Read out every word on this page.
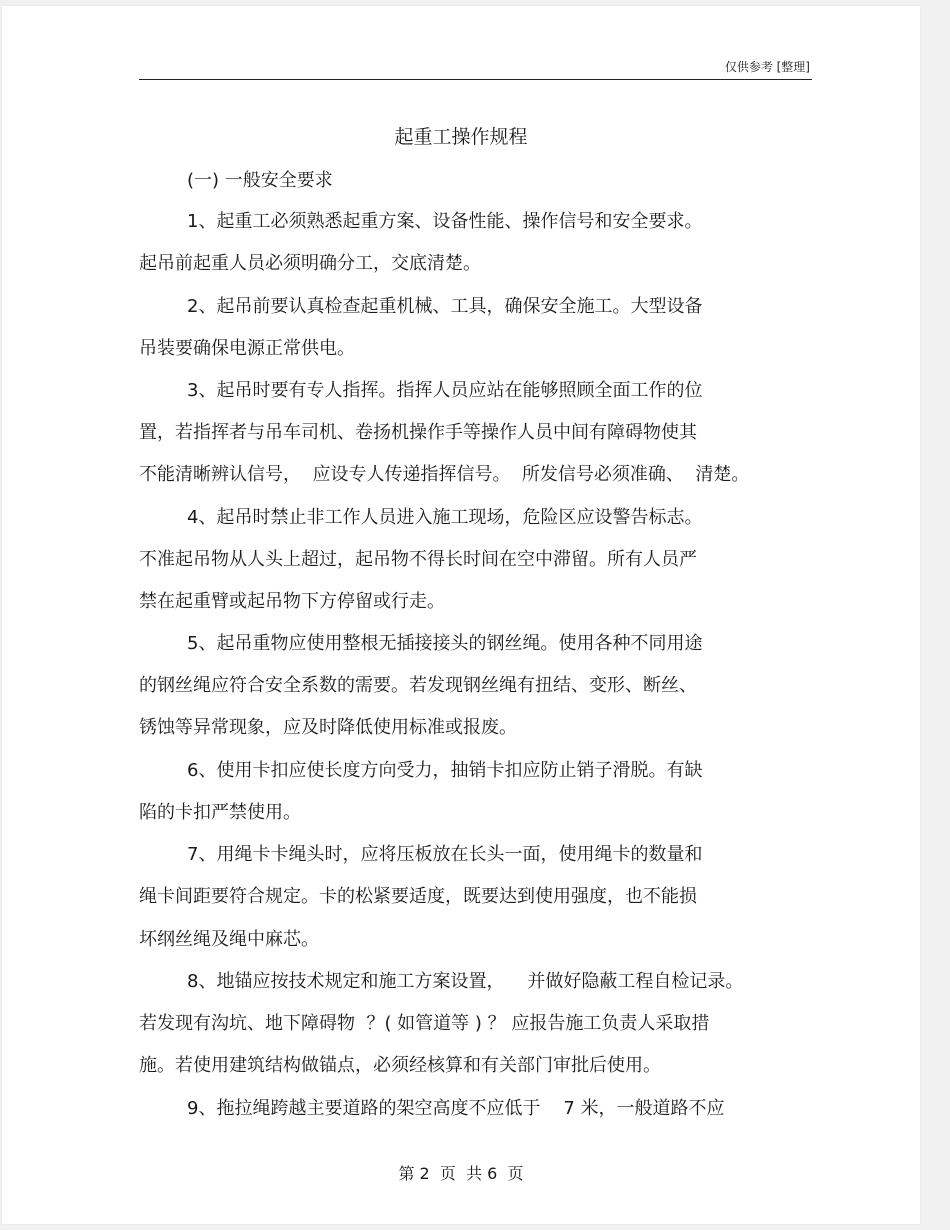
仅供参考 [整理]
起重工操作规程
(一) 一般安全要求
1、起重工必须熟悉起重方案、设备性能、操作信号和安全要求。
起吊前起重人员必须明确分工，交底清楚。
2、起吊前要认真检查起重机械、工具，确保安全施工。大型设备
吊装要确保电源正常供电。
3、起吊时要有专人指挥。指挥人员应站在能够照顾全面工作的位
置，若指挥者与吊车司机、卷扬机操作手等操作人员中间有障碍物使其
不能清晰辨认信号，  应设专人传递指挥信号。  所发信号必须准确、  清楚。
4、起吊时禁止非工作人员进入施工现场，危险区应设警告标志。
不准起吊物从人头上超过，起吊物不得长时间在空中滞留。所有人员严
禁在起重臂或起吊物下方停留或行走。
5、起吊重物应使用整根无插接接头的钢丝绳。使用各种不同用途
的钢丝绳应符合安全系数的需要。若发现钢丝绳有扭结、变形、断丝、
锈蚀等异常现象，应及时降低使用标准或报废。
6、使用卡扣应使长度方向受力，抽销卡扣应防止销子滑脱。有缺
陷的卡扣严禁使用。
7、用绳卡卡绳头时，应将压板放在长头一面，使用绳卡的数量和
绳卡间距要符合规定。卡的松紧要适度，既要达到使用强度，也不能损
坏纲丝绳及绳中麻芯。
8、地锚应按技术规定和施工方案设置，    并做好隐蔽工程自检记录。
若发现有沟坑、地下障碍物  ？( 如管道等 ) ？ 应报告施工负责人采取措
施。若使用建筑结构做锚点，必须经核算和有关部门审批后使用。
9、拖拉绳跨越主要道路的架空高度不应低于    7 米，一般道路不应
第 2  页  共 6  页
